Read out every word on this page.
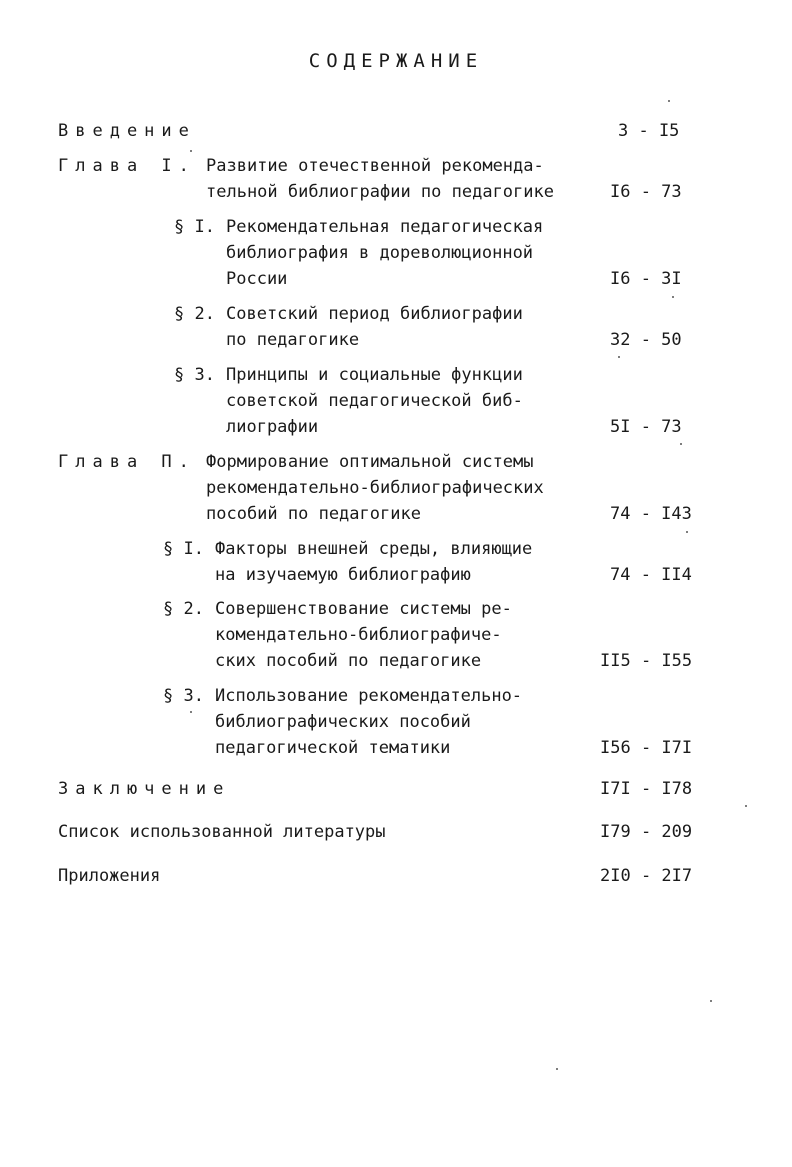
СОДЕРЖАНИЕ
Введение	3 - I5
Глава I. Развитие отечественной рекоменда-
тельной библиографии по педагогике	I6 - 73
§ I. Рекомендательная педагогическая
библиография в дореволюционной
России	I6 - 3I
§ 2. Советский период библиографии
по педагогике	32 - 50
§ 3. Принципы и социальные функции
советской педагогической биб-
лиографии	5I - 73
Глава П. Формирование оптимальной системы
рекомендательно-библиографических
пособий по педагогике	74 - I43
§ I. Факторы внешней среды, влияющие
на изучаемую библиографию	74 - II4
§ 2. Совершенствование системы ре-
комендательно-библиографиче-
ских пособий по педагогике	II5 - I55
§ 3. Использование рекомендательно-
библиографических пособий
педагогической тематики	I56 - I7I
Заключение	I7I - I78
Список использованной литературы	I79 - 209
Приложения	2I0 - 2I7
